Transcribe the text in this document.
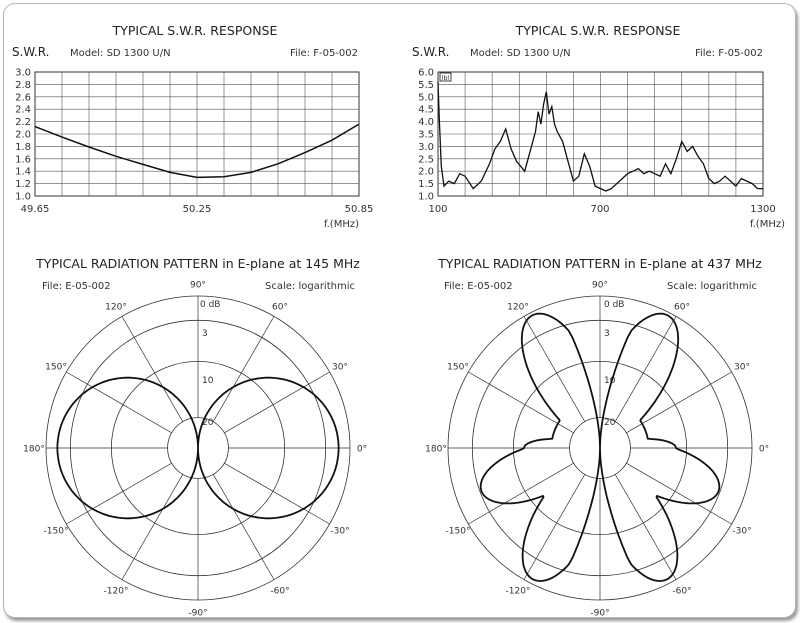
TYPICAL S.W.R. RESPONSE
S.W.R. Model: SD 1300 U/N	File: F-05-002
1.0
1.2
1.4
1.6
1.8
2.0
2.2
2.4
2.6
2.8
3.0
49.65	50.25	50.85
f.(MHz)
TYPICAL S.W.R. RESPONSE
S.W.R. Model: SD 1300 U/N	File: F-05-002
1.0
1.5
2.0
2.5
3.0
3.5
4.0
4.5
5.0
5.5
6.0
100	700	1300
f.(MHz)
lbl
TYPICAL RADIATION PATTERN in E-plane at 145 MHz
File: E-05-002	Scale: logarithmic
0 dB
3
10
20
90°
60°
30°
0°
-30°
-60°
-90°
-120°
-150°
180°
150°
120°
TYPICAL RADIATION PATTERN in E-plane at 437 MHz
File: E-05-002	Scale: logarithmic
0 dB
3
10
20
90°
60°
30°
0°
-30°
-60°
-90°
-120°
-150°
180°
150°
120°
